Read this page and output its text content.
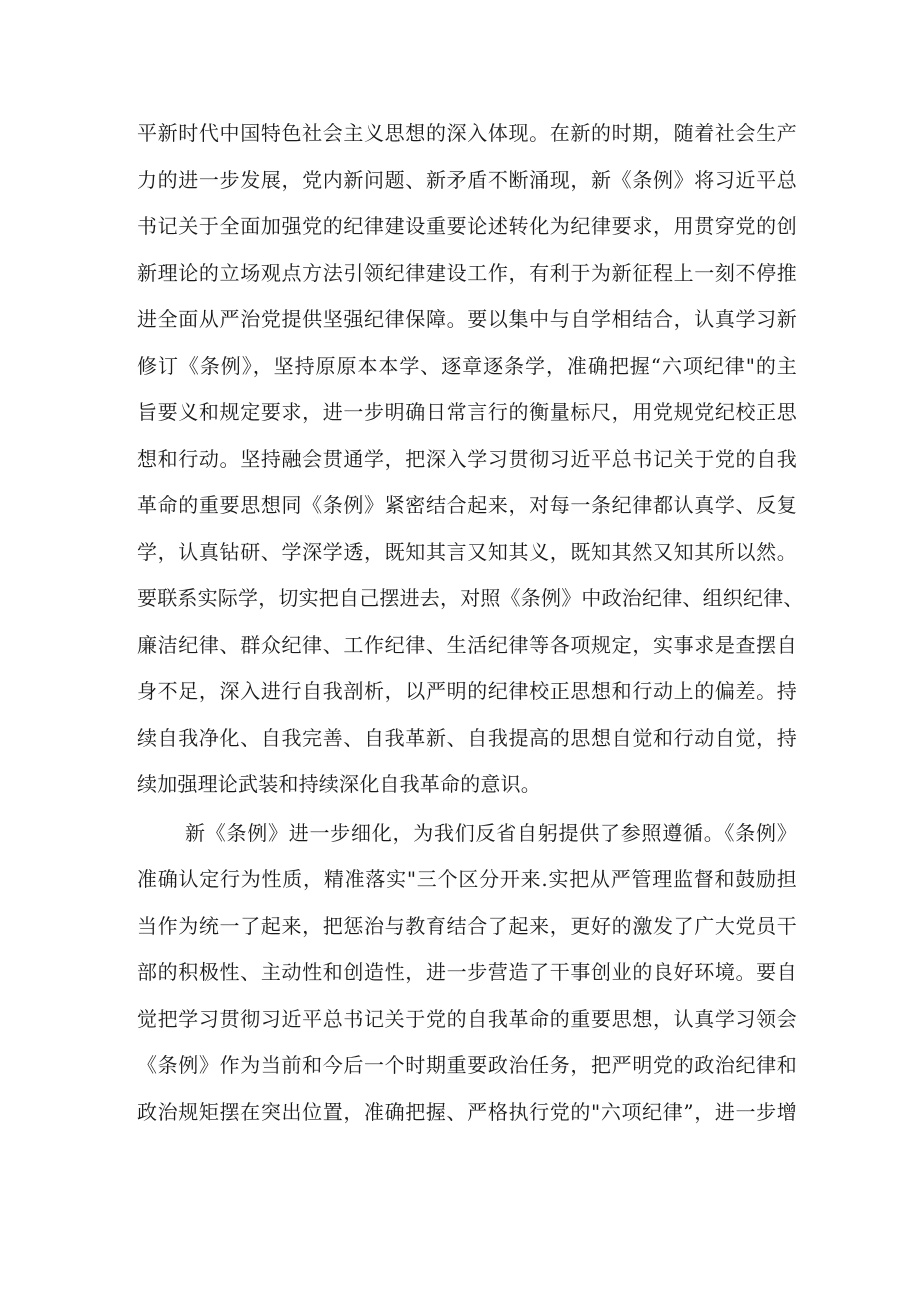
平新时代中国特色社会主义思想的深入体现。在新的时期，随着社会生产
力的进一步发展，党内新问题、新矛盾不断涌现，新《条例》将习近平总
书记关于全面加强党的纪律建设重要论述转化为纪律要求，用贯穿党的创
新理论的立场观点方法引领纪律建设工作，有利于为新征程上一刻不停推
进全面从严治党提供坚强纪律保障。要以集中与自学相结合，认真学习新
修订《条例》，坚持原原本本学、逐章逐条学，准确把握“六项纪律"的主
旨要义和规定要求，进一步明确日常言行的衡量标尺，用党规党纪校正思
想和行动。坚持融会贯通学，把深入学习贯彻习近平总书记关于党的自我
革命的重要思想同《条例》紧密结合起来，对每一条纪律都认真学、反复
学，认真钻研、学深学透，既知其言又知其义，既知其然又知其所以然。
要联系实际学，切实把自己摆进去，对照《条例》中政治纪律、组织纪律、
廉洁纪律、群众纪律、工作纪律、生活纪律等各项规定，实事求是查摆自
身不足，深入进行自我剖析，以严明的纪律校正思想和行动上的偏差。持
续自我净化、自我完善、自我革新、自我提高的思想自觉和行动自觉，持
续加强理论武装和持续深化自我革命的意识。
新《条例》进一步细化，为我们反省自躬提供了参照遵循。《条例》
准确认定行为性质，精准落实"三个区分开来.实把从严管理监督和鼓励担
当作为统一了起来，把惩治与教育结合了起来，更好的激发了广大党员干
部的积极性、主动性和创造性，进一步营造了干事创业的良好环境。要自
觉把学习贯彻习近平总书记关于党的自我革命的重要思想，认真学习领会
《条例》作为当前和今后一个时期重要政治任务，把严明党的政治纪律和
政治规矩摆在突出位置，准确把握、严格执行党的"六项纪律”，进一步增
